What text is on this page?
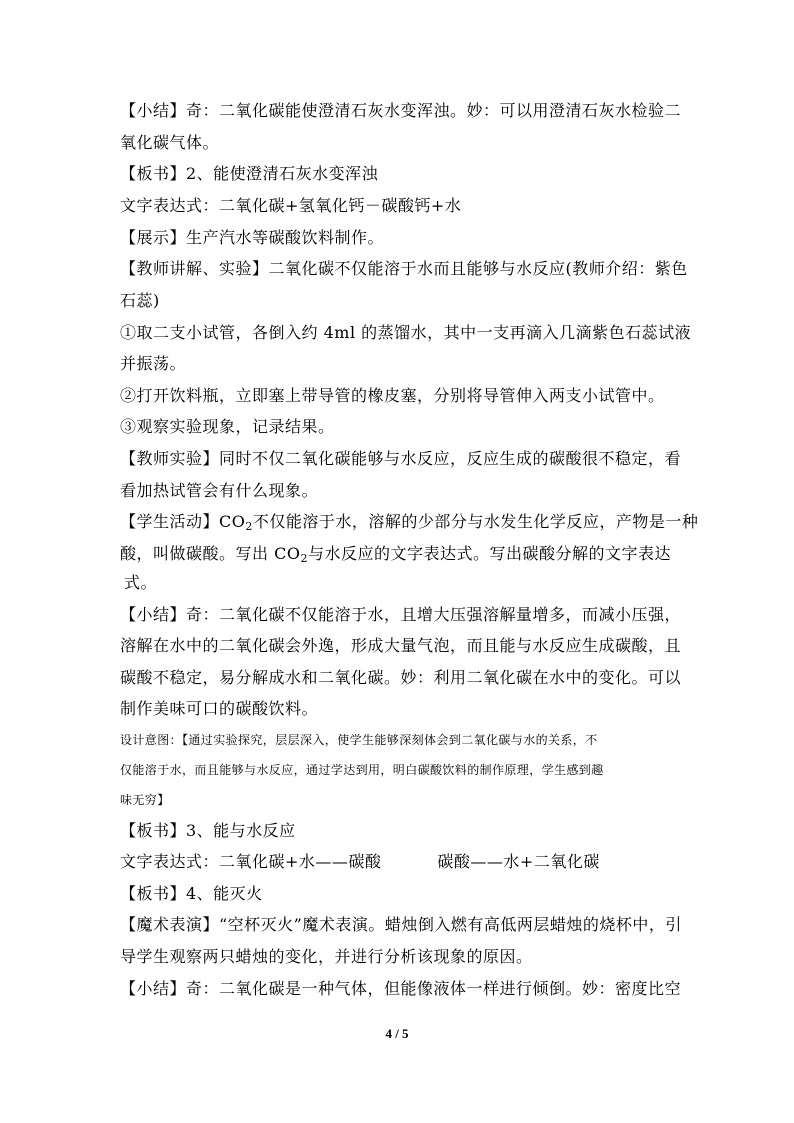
【小结】奇：二氧化碳能使澄清石灰水变浑浊。妙：可以用澄清石灰水检验二
氧化碳气体。
【板书】2、能使澄清石灰水变浑浊
文字表达式：二氧化碳+氢氧化钙－碳酸钙+水
【展示】生产汽水等碳酸饮料制作。
【教师讲解、实验】二氧化碳不仅能溶于水而且能够与水反应(教师介绍：紫色
石蕊)
①取二支小试管，各倒入约 4ml 的蒸馏水，其中一支再滴入几滴紫色石蕊试液
并振荡。
②打开饮料瓶，立即塞上带导管的橡皮塞，分别将导管伸入两支小试管中。
③观察实验现象，记录结果。
【教师实验】同时不仅二氧化碳能够与水反应，反应生成的碳酸很不稳定，看
看加热试管会有什么现象。
【学生活动】$CO_2$不仅能溶于水，溶解的少部分与水发生化学反应，产物是一种
酸，叫做碳酸。写出 $CO_2$与水反应的文字表达式。写出碳酸分解的文字表达
式。
【小结】奇：二氧化碳不仅能溶于水，且增大压强溶解量增多，而减小压强，
溶解在水中的二氧化碳会外逸，形成大量气泡，而且能与水反应生成碳酸，且
碳酸不稳定，易分解成水和二氧化碳。妙：利用二氧化碳在水中的变化。可以
制作美味可口的碳酸饮料。
设计意图：【通过实验探究，层层深入，使学生能够深刻体会到二氧化碳与水的关系，不
仅能溶于水，而且能够与水反应，通过学达到用，明白碳酸饮料的制作原理，学生感到趣
味无穷】
【板书】3、能与水反应
文字表达式：二氧化碳+水——碳酸	碳酸——水+二氧化碳
【板书】4、能灭火
【魔术表演】“空杯灭火”魔术表演。蜡烛倒入燃有高低两层蜡烛的烧杯中，引
导学生观察两只蜡烛的变化，并进行分析该现象的原因。
【小结】奇：二氧化碳是一种气体，但能像液体一样进行倾倒。妙：密度比空
4 / 5
